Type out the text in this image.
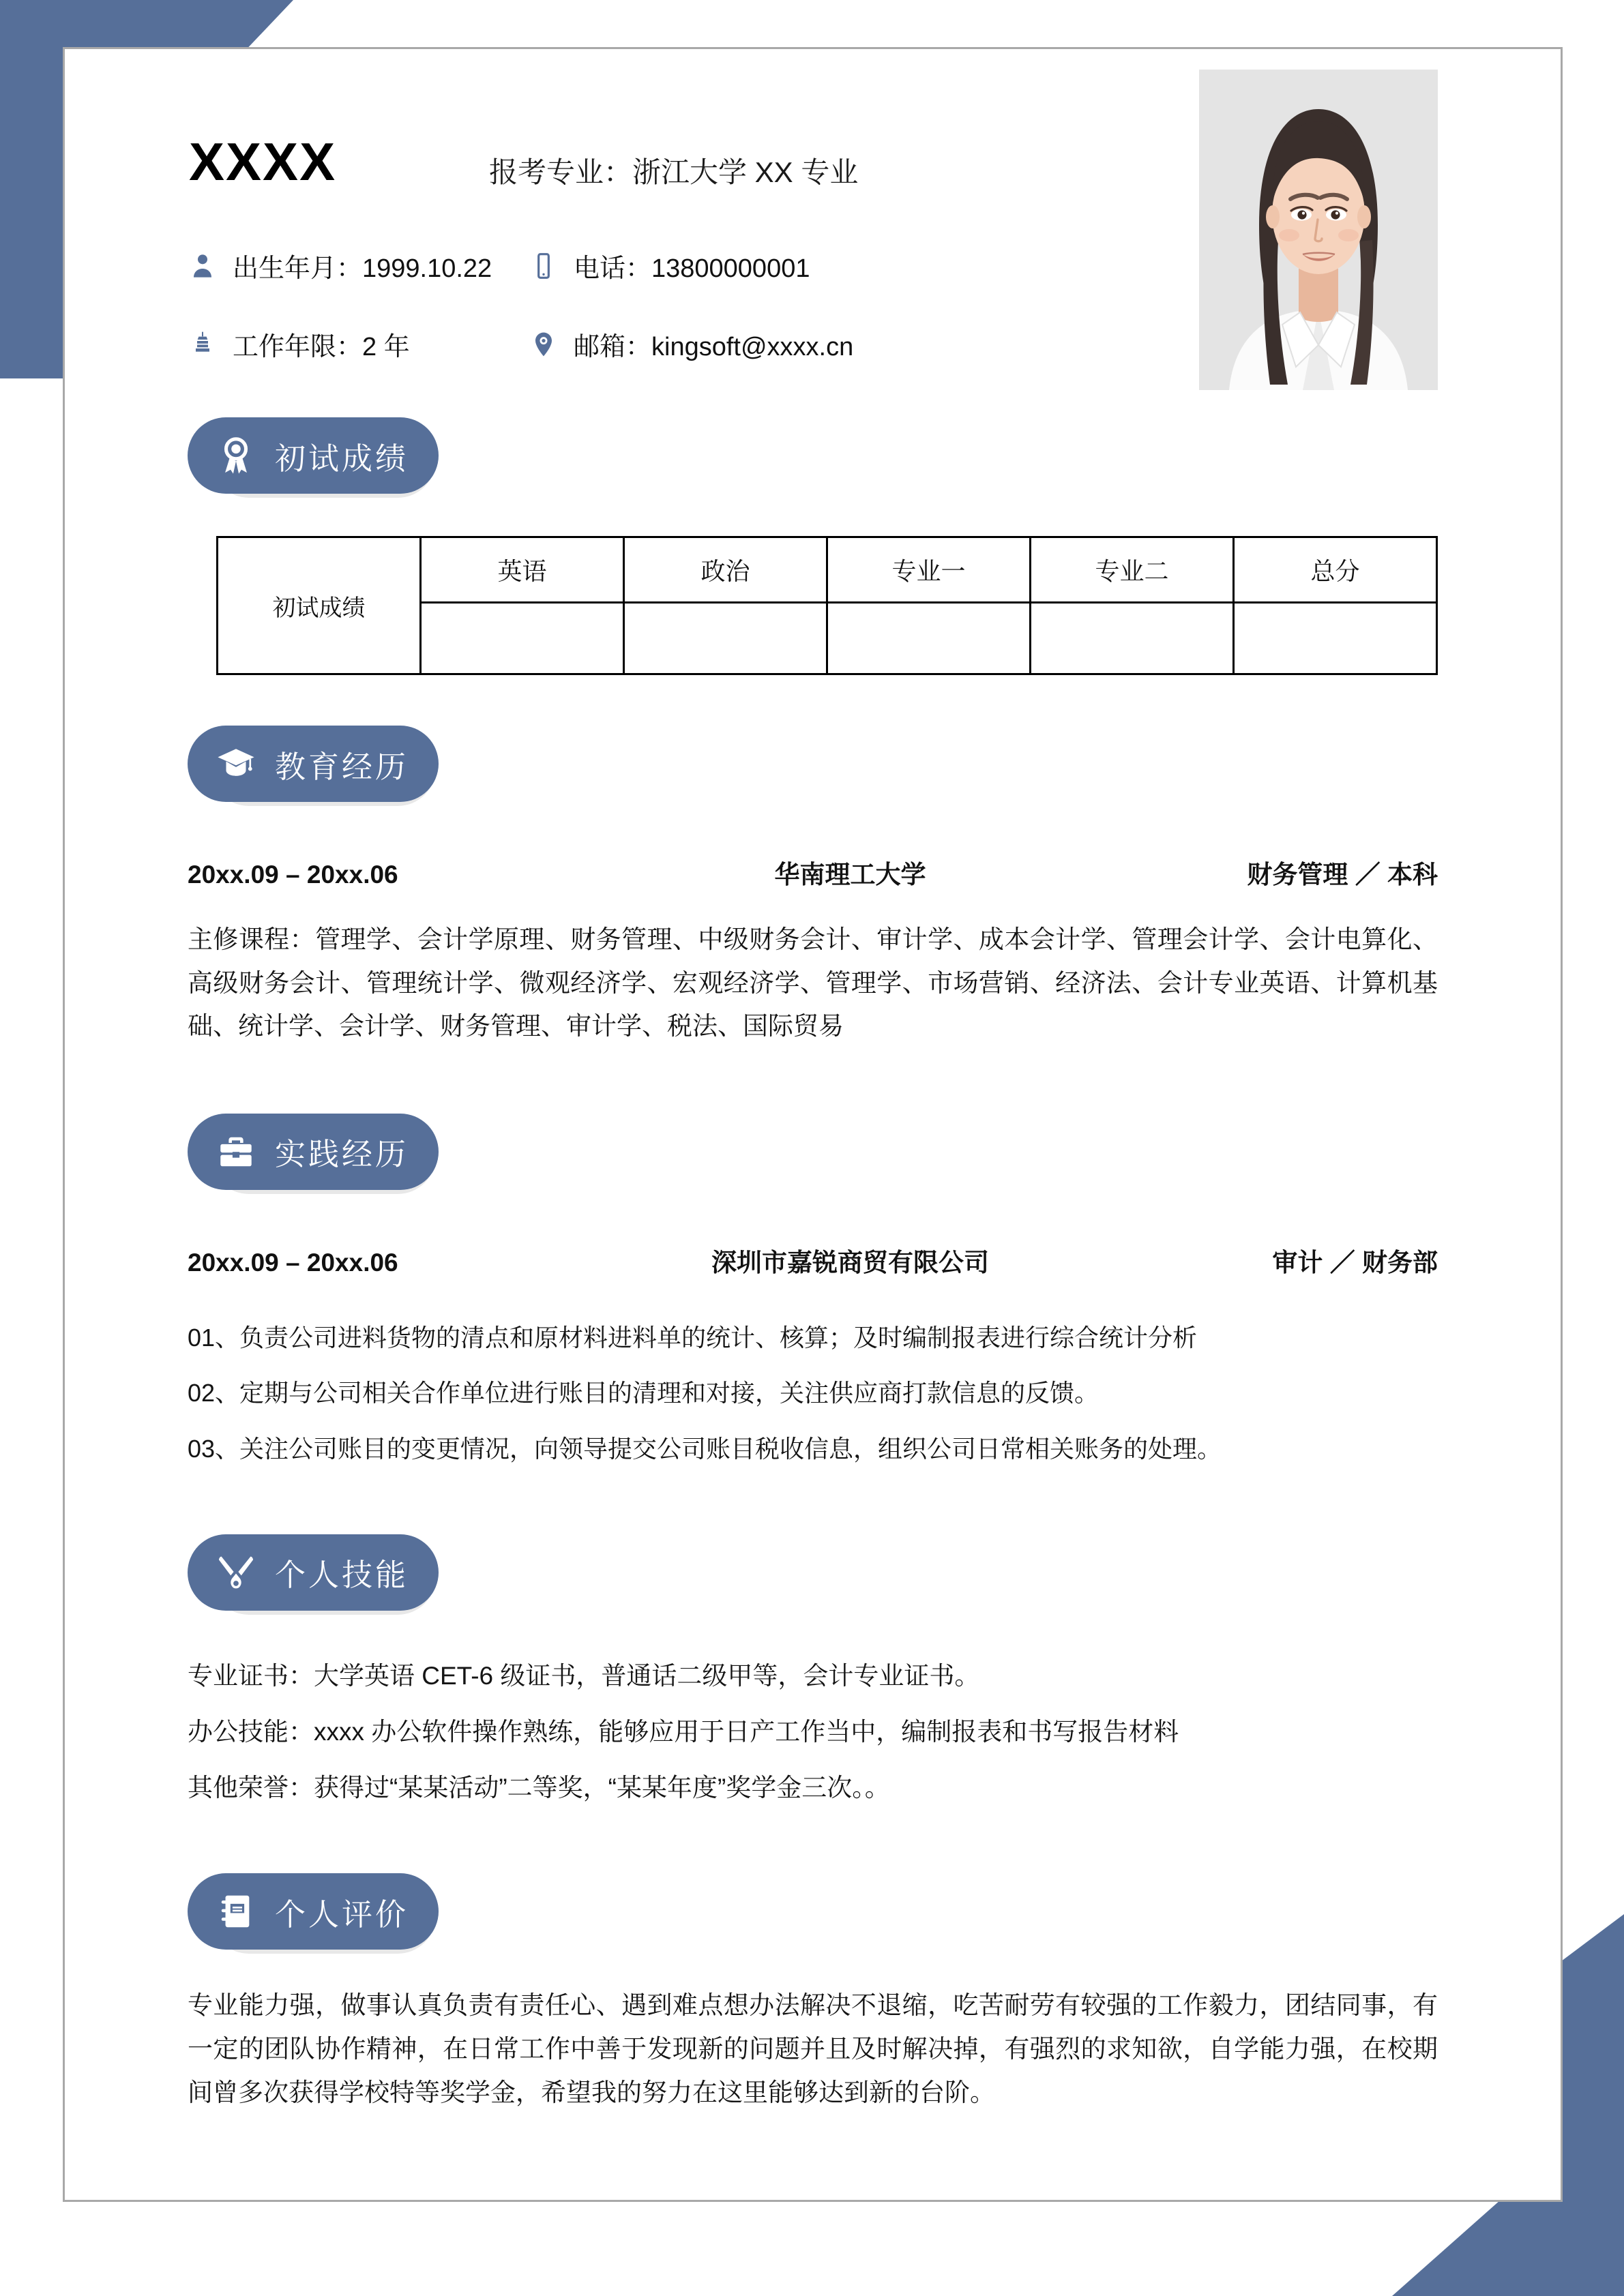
XXXX	报考专业：浙江大学 XX 专业
出生年月：1999.10.22	电话：13800000001
工作年限：2 年	邮箱：kingsoft@xxxx.cn
初试成绩
初试成绩	英语	政治	专业一	专业二	总分

教育经历
20xx.09 – 20xx.06	华南理工大学	财务管理 ／ 本科
主修课程：管理学、会计学原理、财务管理、中级财务会计、审计学、成本会计学、管理会计学、会计电算化、高级财务会计、管理统计学、微观经济学、宏观经济学、管理学、市场营销、经济法、会计专业英语、计算机基础、统计学、会计学、财务管理、审计学、税法、国际贸易
实践经历
20xx.09 – 20xx.06	深圳市嘉锐商贸有限公司	审计 ／ 财务部
01、负责公司进料货物的清点和原材料进料单的统计、核算；及时编制报表进行综合统计分析
02、定期与公司相关合作单位进行账目的清理和对接，关注供应商打款信息的反馈。
03、关注公司账目的变更情况，向领导提交公司账目税收信息，组织公司日常相关账务的处理。
个人技能
专业证书：大学英语 CET-6 级证书，普通话二级甲等，会计专业证书。
办公技能：xxxx 办公软件操作熟练，能够应用于日产工作当中，编制报表和书写报告材料
其他荣誉：获得过“某某活动”二等奖，“某某年度”奖学金三次。。
个人评价
专业能力强，做事认真负责有责任心、遇到难点想办法解决不退缩，吃苦耐劳有较强的工作毅力，团结同事，有一定的团队协作精神，在日常工作中善于发现新的问题并且及时解决掉，有强烈的求知欲，自学能力强，在校期间曾多次获得学校特等奖学金，希望我的努力在这里能够达到新的台阶。
